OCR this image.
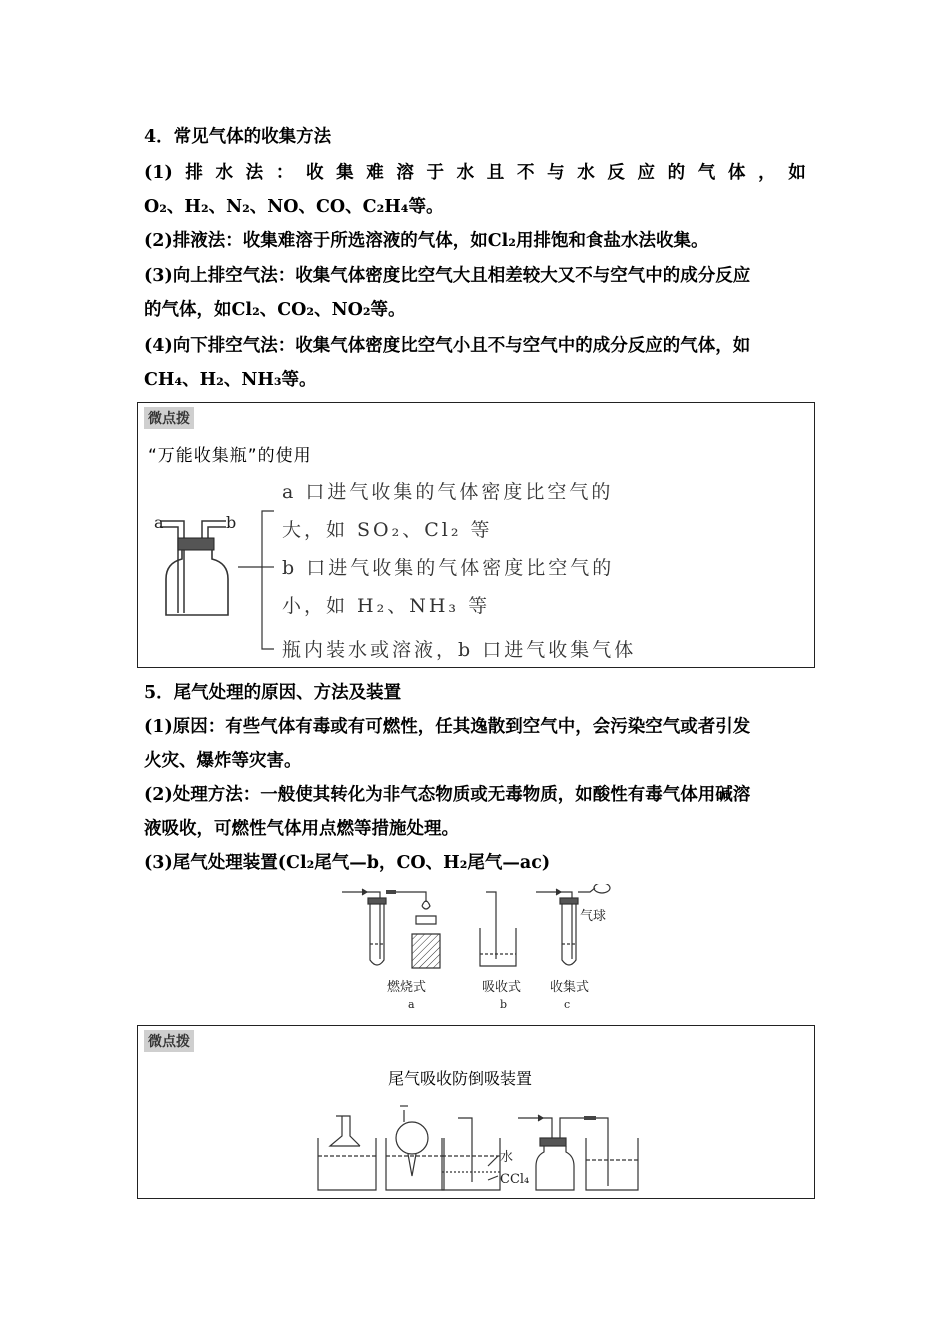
4．常见气体的收集方法
(1) 排 水 法 ： 收 集 难 溶 于 水 且 不 与 水 反 应 的 气 体 ， 如
O₂、H₂、N₂、NO、CO、C₂H₄等。
(2)排液法：收集难溶于所选溶液的气体，如Cl₂用排饱和食盐水法收集。
(3)向上排空气法：收集气体密度比空气大且相差较大又不与空气中的成分反应
的气体，如Cl₂、CO₂、NO₂等。
(4)向下排空气法：收集气体密度比空气小且不与空气中的成分反应的气体，如
CH₄、H₂、NH₃等。
微点拨
“万能收集瓶”的使用
a	b
a 口进气收集的气体密度比空气的
大，如 SO₂、Cl₂ 等
b 口进气收集的气体密度比空气的
小，如 H₂、NH₃ 等
瓶内装水或溶液，b 口进气收集气体
5．尾气处理的原因、方法及装置
(1)原因：有些气体有毒或有可燃性，任其逸散到空气中，会污染空气或者引发
火灾、爆炸等灾害。
(2)处理方法：一般使其转化为非气态物质或无毒物质，如酸性有毒气体用碱溶
液吸收，可燃性气体用点燃等措施处理。
(3)尾气处理装置(Cl₂尾气—b，CO、H₂尾气—ac)
气球
燃烧式	吸收式 收集式
a	b	c
微点拨
尾气吸收防倒吸装置
水
CCl₄
